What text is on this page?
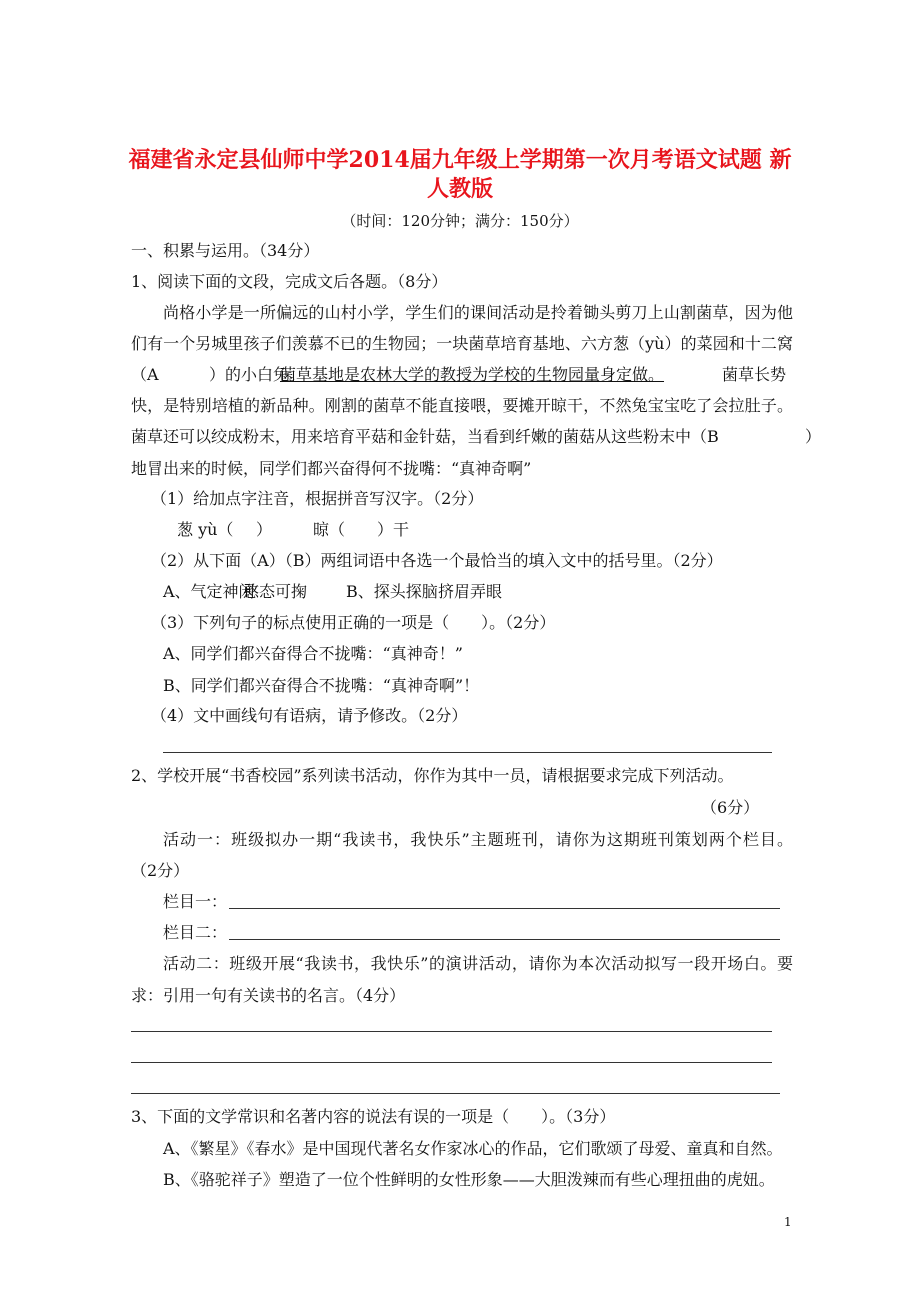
福建省永定县仙师中学2014届九年级上学期第一次月考语文试题 新
人教版
（时间：120分钟；满分：150分）
一、积累与运用。（34分）
1、阅读下面的文段，完成文后各题。（8分）
尚格小学是一所偏远的山村小学，学生们的课间活动是拎着锄头剪刀上山割菌草，因为他
们有一个另城里孩子们羡慕不已的生物园；一块菌草培育基地、六方葱（yù）的菜园和十二窝
（A	）的小白兔。
菌草基地是农林大学的教授为学校的生物园量身定做。	菌草长势
快，是特别培植的新品种。刚割的菌草不能直接喂，要摊开晾干，不然兔宝宝吃了会拉肚子。
菌草还可以绞成粉末，用来培育平菇和金针菇，当看到纤嫩的菌菇从这些粉末中（B	）
地冒出来的时候，同学们都兴奋得何不拢嘴：“真神奇啊”
（1）给加点字注音，根据拼音写汉字。（2分）
葱 yù（ ）	晾（ ）干
（2）从下面（A）（B）两组词语中各选一个最恰当的填入文中的括号里。（2分）
A、气定神闲
憨态可掬 B、探头探脑 挤眉弄眼
（3）下列句子的标点使用正确的一项是（　　）。（2分）
A、同学们都兴奋得合不拢嘴：“真神奇！”
B、同学们都兴奋得合不拢嘴：“真神奇啊”！
（4）文中画线句有语病，请予修改。（2分）
2、学校开展“书香校园”系列读书活动，你作为其中一员，请根据要求完成下列活动。
（6分）
活动一：班级拟办一期“我读书，我快乐”主题班刊，请你为这期班刊策划两个栏目。
（2分）
栏目一：
栏目二：
活动二：班级开展“我读书，我快乐”的演讲活动，请你为本次活动拟写一段开场白。要
求：引用一句有关读书的名言。（4分）
3、下面的文学常识和名著内容的说法有误的一项是（　　）。（3分）
A、《繁星》《春水》是中国现代著名女作家冰心的作品，它们歌颂了母爱、童真和自然。
B、《骆驼祥子》塑造了一位个性鲜明的女性形象——大胆泼辣而有些心理扭曲的虎妞。
1
